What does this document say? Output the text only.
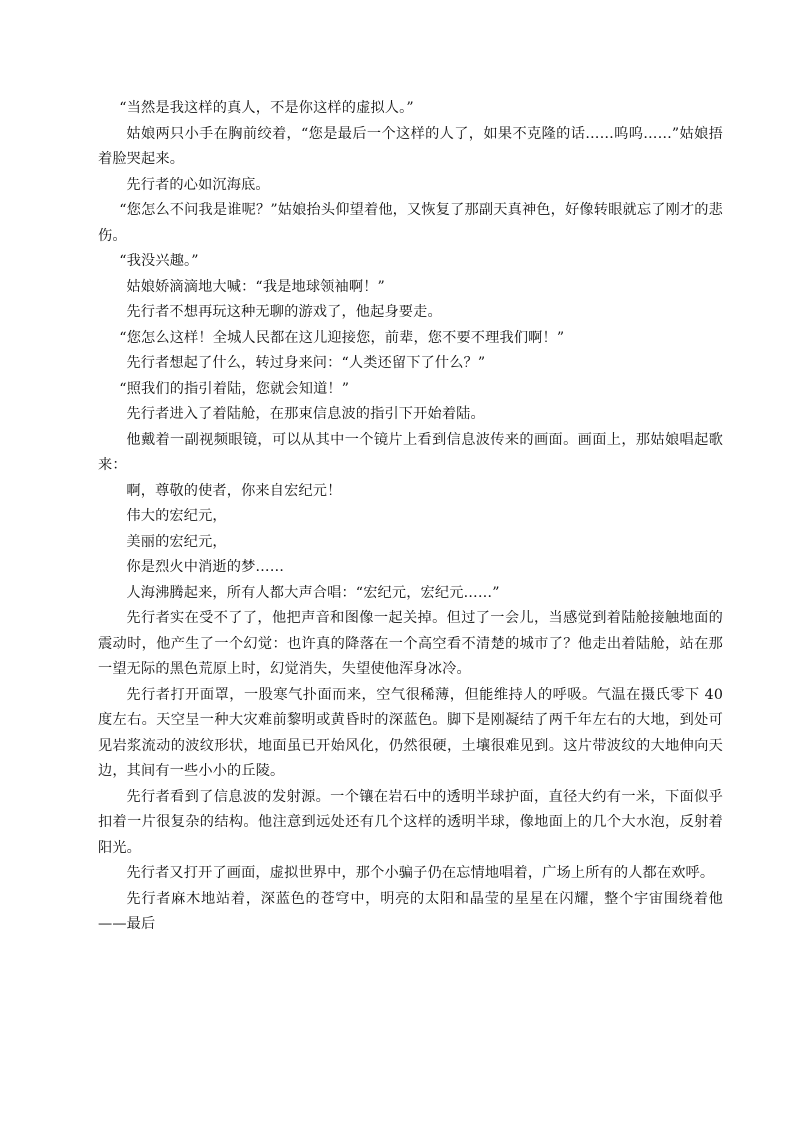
“当然是我这样的真人，不是你这样的虚拟人。”

姑娘两只小手在胸前绞着，“您是最后一个这样的人了，如果不克隆的话……呜呜……”姑娘捂着脸哭起来。

先行者的心如沉海底。

“您怎么不问我是谁呢？”姑娘抬头仰望着他，又恢复了那副天真神色，好像转眼就忘了刚才的悲伤。

“我没兴趣。”

姑娘娇滴滴地大喊：“我是地球领袖啊！”

先行者不想再玩这种无聊的游戏了，他起身要走。

“您怎么这样！全城人民都在这儿迎接您，前辈，您不要不理我们啊！”

先行者想起了什么，转过身来问：“人类还留下了什么？”

“照我们的指引着陆，您就会知道！”

先行者进入了着陆舱，在那束信息波的指引下开始着陆。

他戴着一副视频眼镜，可以从其中一个镜片上看到信息波传来的画面。画面上，那姑娘唱起歌来：

啊，尊敬的使者，你来自宏纪元！

伟大的宏纪元，

美丽的宏纪元，

你是烈火中消逝的梦……

人海沸腾起来，所有人都大声合唱：“宏纪元，宏纪元……”

先行者实在受不了了，他把声音和图像一起关掉。但过了一会儿，当感觉到着陆舱接触地面的震动时，他产生了一个幻觉：也许真的降落在一个高空看不清楚的城市了？他走出着陆舱，站在那一望无际的黑色荒原上时，幻觉消失，失望使他浑身冰冷。

先行者打开面罩，一股寒气扑面而来，空气很稀薄，但能维持人的呼吸。气温在摄氏零下 40 度左右。天空呈一种大灾难前黎明或黄昏时的深蓝色。脚下是刚凝结了两千年左右的大地，到处可见岩浆流动的波纹形状，地面虽已开始风化，仍然很硬，土壤很难见到。这片带波纹的大地伸向天边，其间有一些小小的丘陵。

先行者看到了信息波的发射源。一个镶在岩石中的透明半球护面，直径大约有一米，下面似乎扣着一片很复杂的结构。他注意到远处还有几个这样的透明半球，像地面上的几个大水泡，反射着阳光。

先行者又打开了画面，虚拟世界中，那个小骗子仍在忘情地唱着，广场上所有的人都在欢呼。

先行者麻木地站着，深蓝色的苍穹中，明亮的太阳和晶莹的星星在闪耀，整个宇宙围绕着他——最后
